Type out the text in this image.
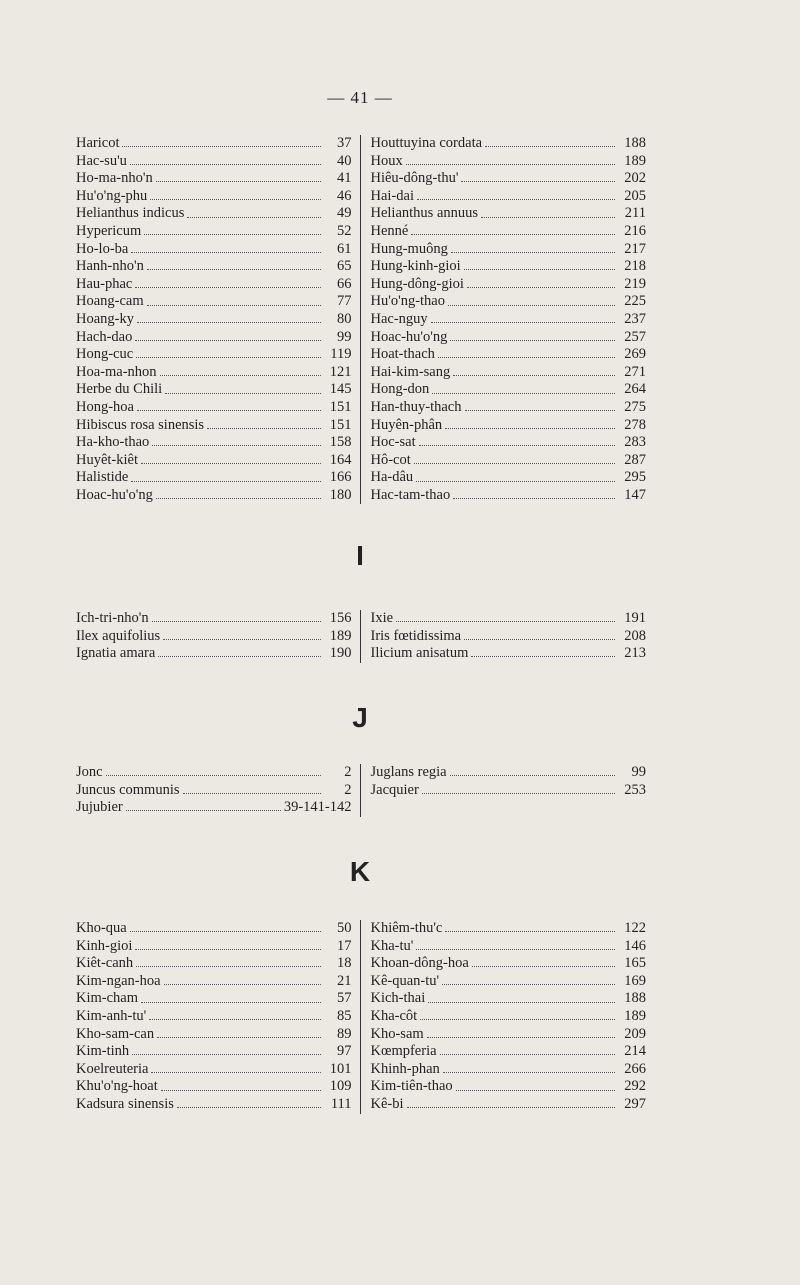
— 41 —
Haricot	37
Hac-su'u	40
Ho-ma-nho'n	41
Hu'o'ng-phu	46
Helianthus indicus	49
Hypericum	52
Ho-lo-ba	61
Hanh-nho'n	65
Hau-phac	66
Hoang-cam	77
Hoang-ky	80
Hach-dao	99
Hong-cuc	119
Hoa-ma-nhon	121
Herbe du Chili	145
Hong-hoa	151
Hibiscus rosa sinensis	151
Ha-kho-thao	158
Huyêt-kiêt	164
Halistide	166
Hoac-hu'o'ng	180
Houttuyina cordata	188
Houx	189
Hiêu-dông-thu'	202
Hai-dai	205
Helianthus annuus	211
Henné	216
Hung-muông	217
Hung-kinh-gioi	218
Hung-dông-gioi	219
Hu'o'ng-thao	225
Hac-nguy	237
Hoac-hu'o'ng	257
Hoat-thach	269
Hai-kim-sang	271
Hong-don	264
Han-thuy-thach	275
Huyên-phân	278
Hoc-sat	283
Hô-cot	287
Ha-dâu	295
Hac-tam-thao	147
I
Ich-tri-nho'n	156
Ilex aquifolius	189
Ignatia amara	190
Ixie	191
Iris fœtidissima	208
Ilicium anisatum	213
J
Jonc	2
Juncus communis	2
Jujubier	39-141-142
Juglans regia	99
Jacquier	253
K
Kho-qua	50
Kinh-gioi	17
Kiêt-canh	18
Kim-ngan-hoa	21
Kim-cham	57
Kim-anh-tu'	85
Kho-sam-can	89
Kim-tinh	97
Koelreuteria	101
Khu'o'ng-hoat	109
Kadsura sinensis	111
Khiêm-thu'c	122
Kha-tu'	146
Khoan-dông-hoa	165
Kê-quan-tu'	169
Kich-thai	188
Kha-côt	189
Kho-sam	209
Kœmpferia	214
Khinh-phan	266
Kim-tiên-thao	292
Kê-bi	297
